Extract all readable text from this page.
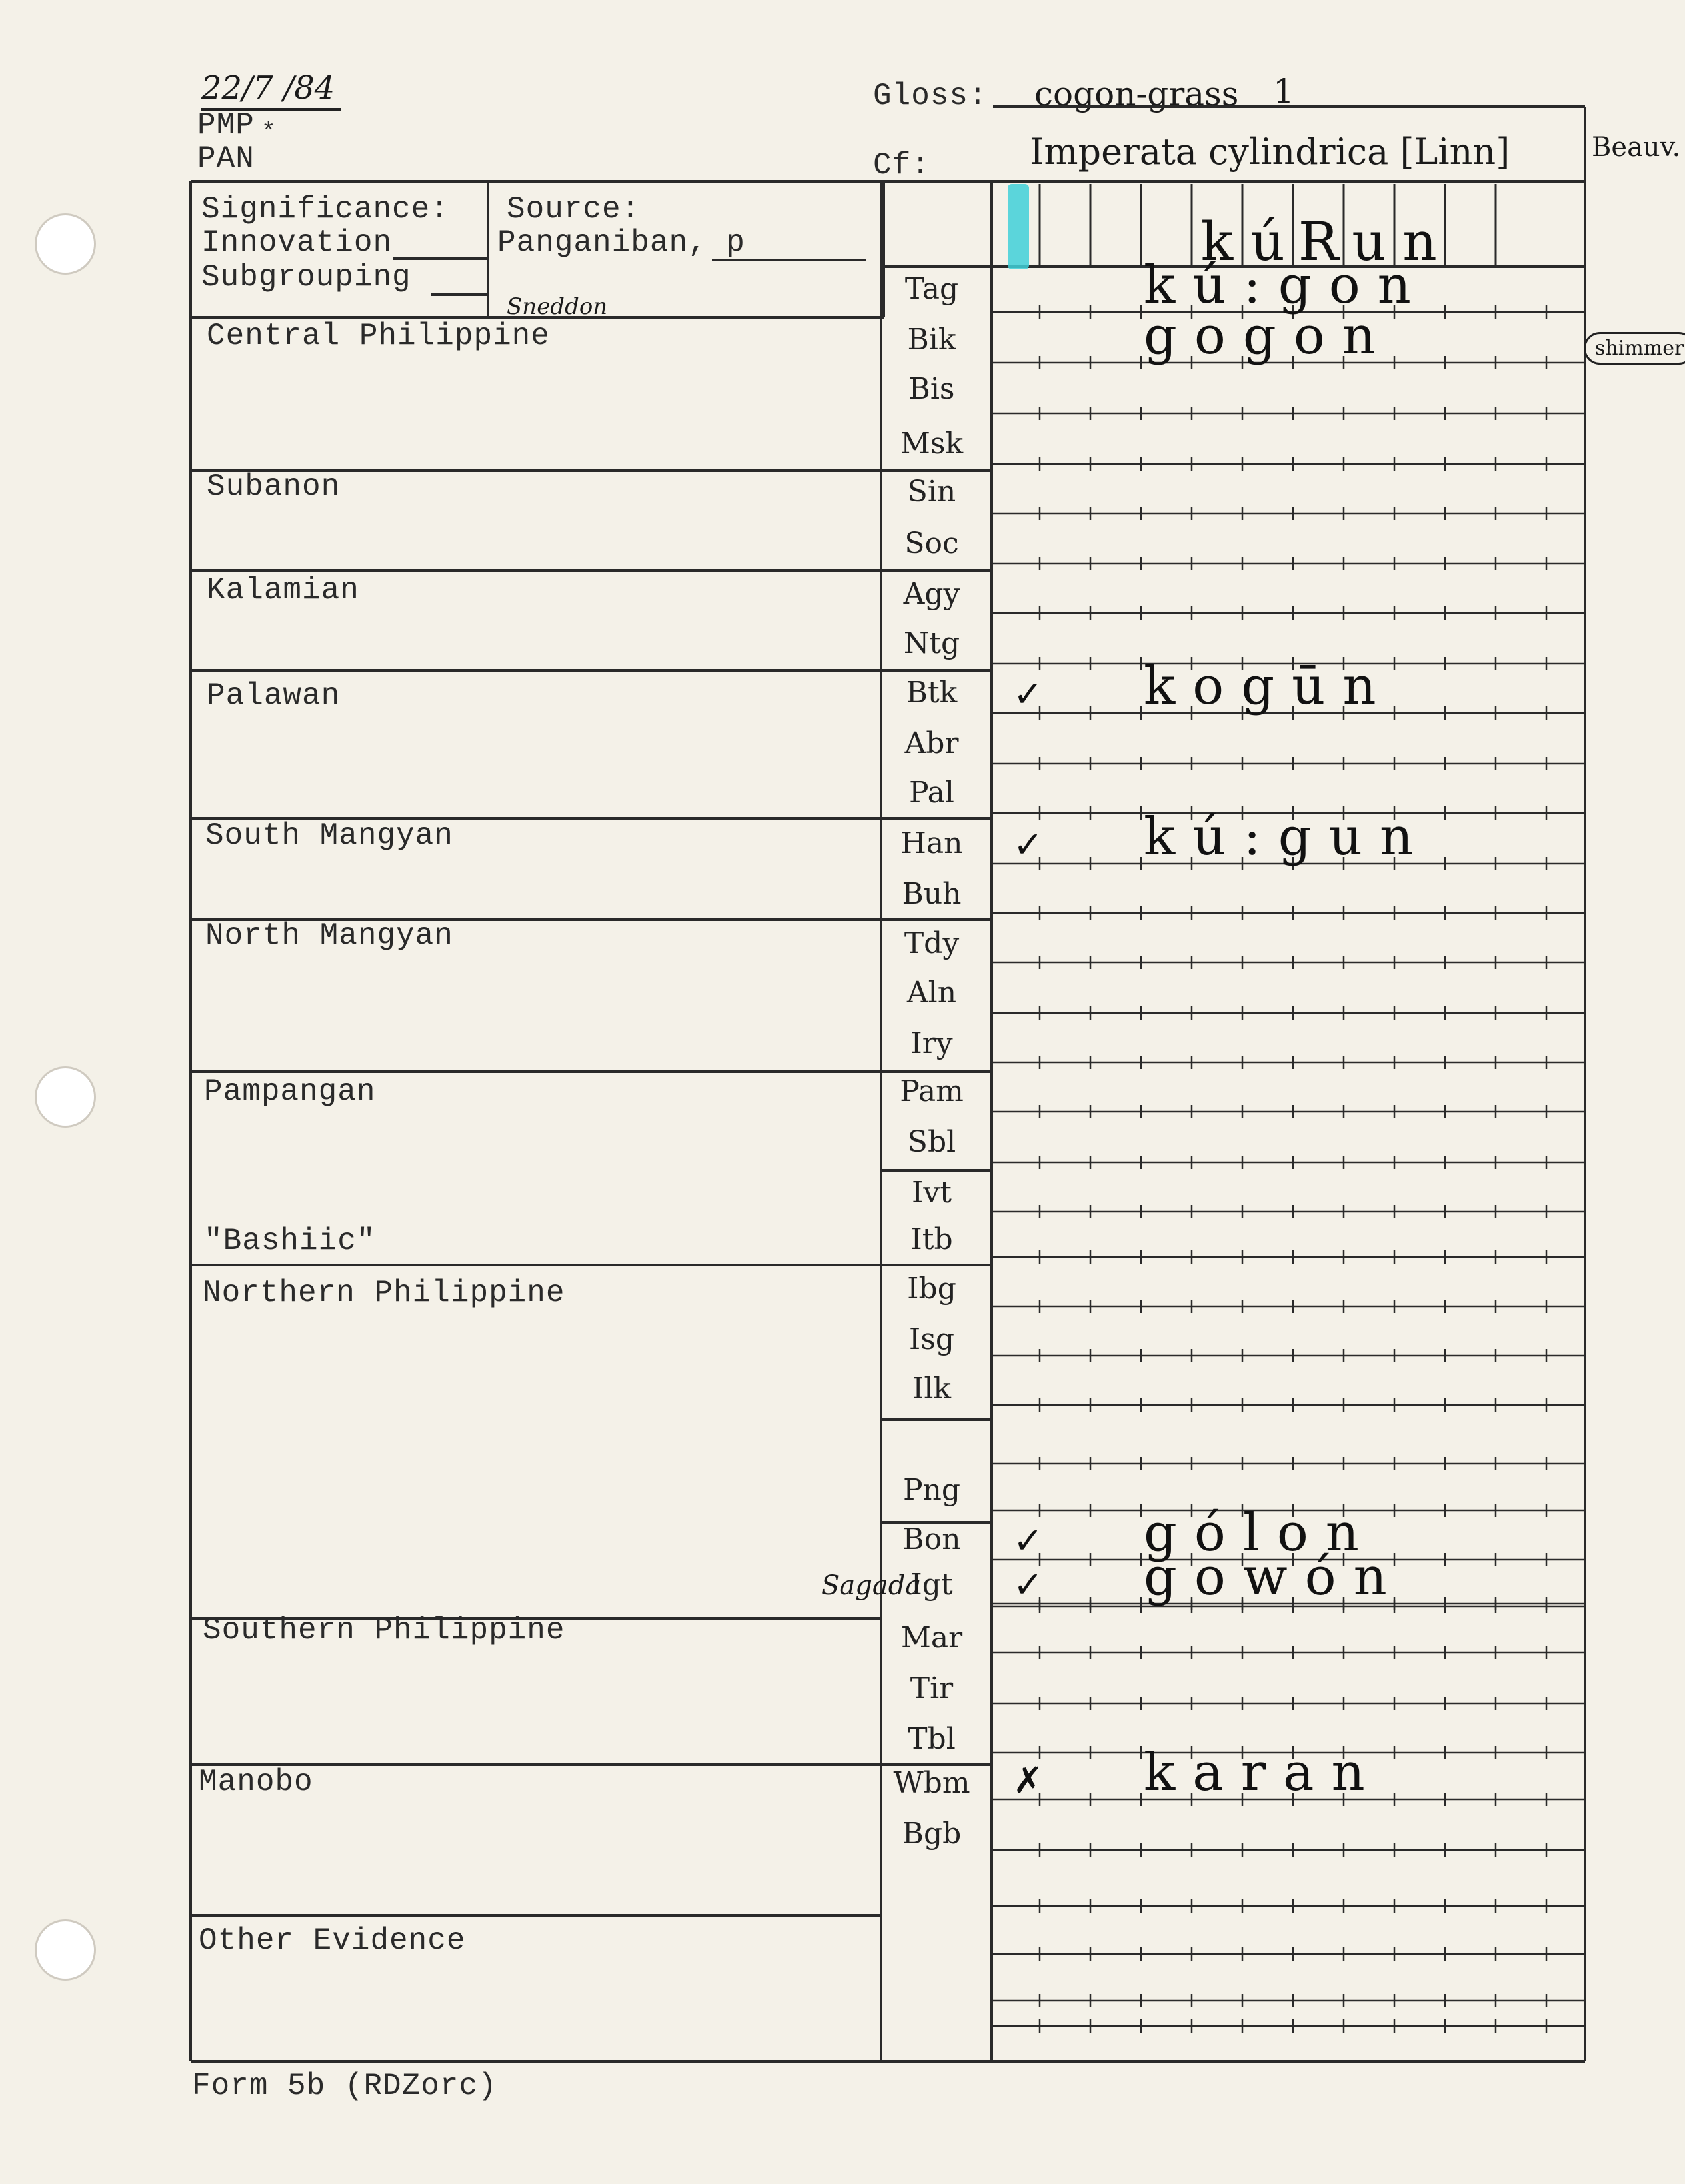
22/7 /84
PMP *
PAN
Gloss: cogon-grass 1
Cf:	Imperata cylindrica [Linn]	Beauv.
Significance:
Innovation
Subgrouping
Source:
Panganiban, p
Sneddon
Central Philippine
Subanon
Kalamian
Palawan
South Mangyan
North Mangyan
Pampangan
"Bashiic"
Northern Philippine
Southern Philippine
Manobo
Other Evidence
Form 5b (RDZorc)
k ú R u n
Tag
Bik
Bis
Msk
Sin
Soc
Agy
Ntg
Btk
Abr
Pal
Han
Buh
Tdy
Aln
Iry
Pam
Sbl
Ivt
Itb
Ibg
Isg
Ilk
Png
Bon
Igt
Sagada
Mar
Tir
Tbl
Wbm
Bgb
kú:gon
gogon
✓ kogūn
✓ kú:gun
✓ gólon
✓ gowón
✗ karan
shimmer
